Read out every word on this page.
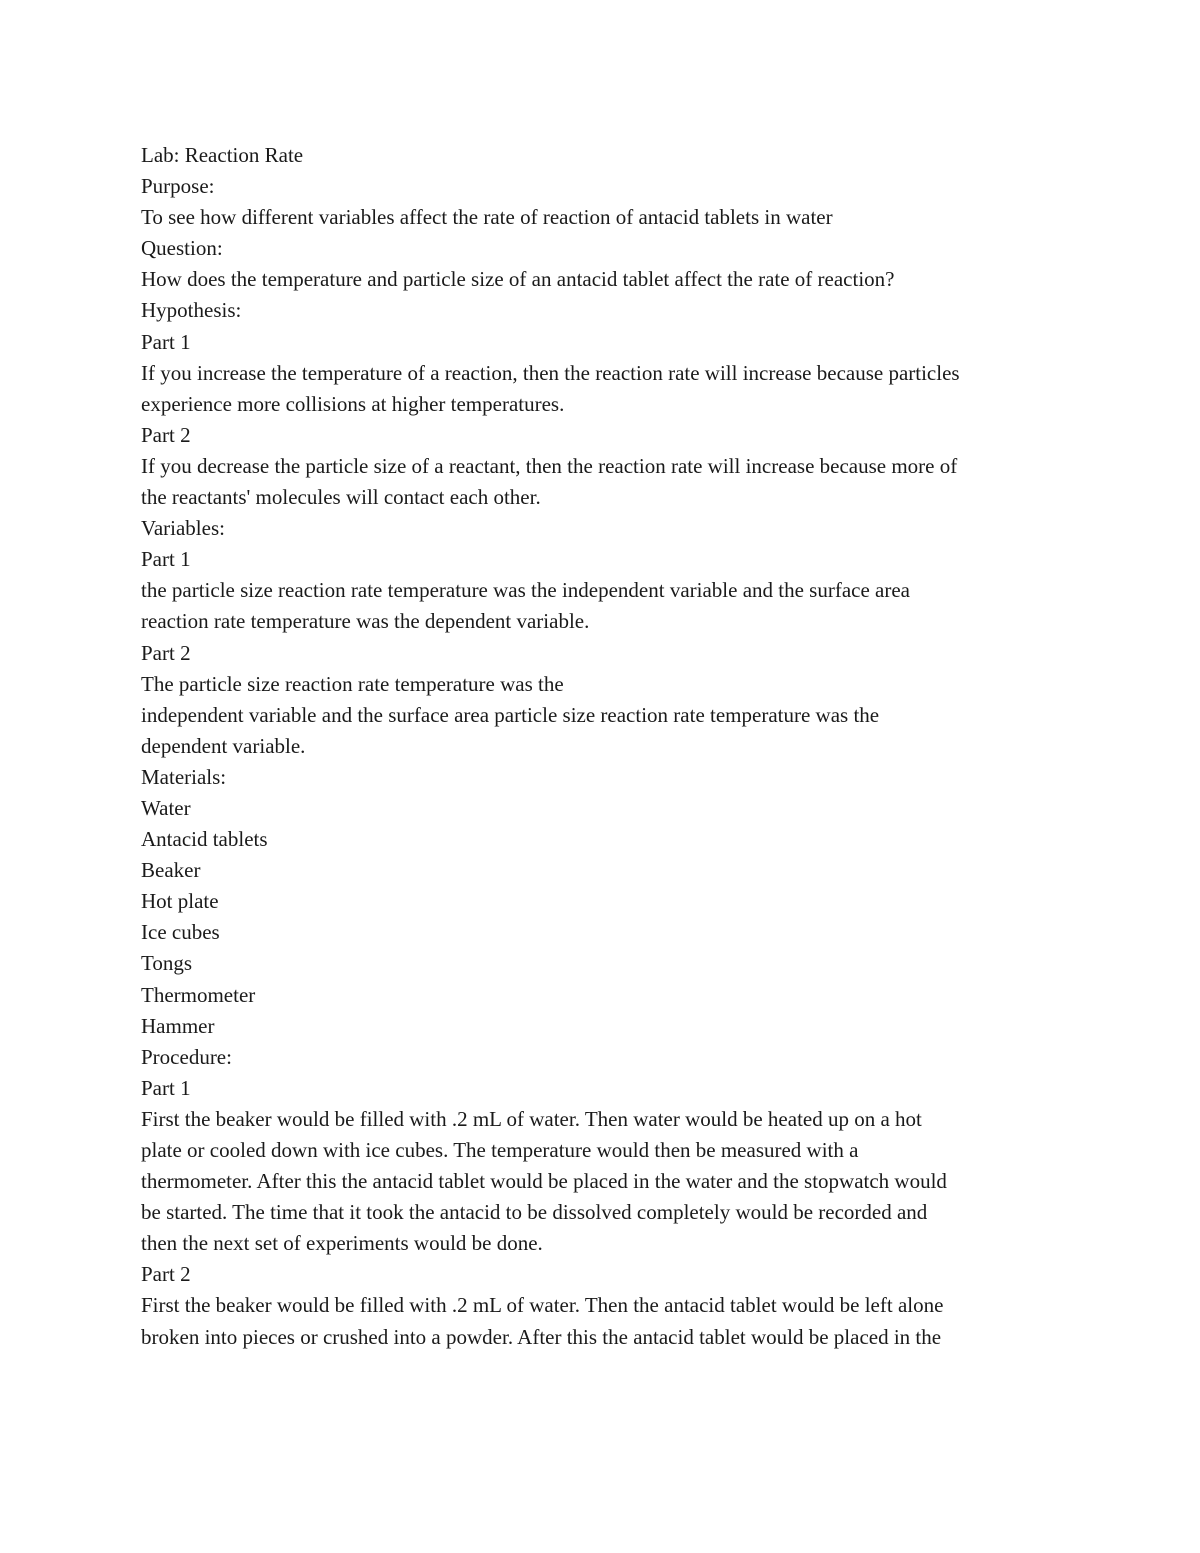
Lab: Reaction Rate

Purpose:

To see how different variables affect the rate of reaction of antacid tablets in water

Question:

How does the temperature and particle size of an antacid tablet affect the rate of reaction?

Hypothesis:

Part 1

If you increase the temperature of a reaction, then the reaction rate will increase because particles

experience more collisions at higher temperatures.

Part 2

If you decrease the particle size of a reactant, then the reaction rate will increase because more of

the reactants' molecules will contact each other.

Variables:

Part 1

the particle size reaction rate temperature was the independent variable and the surface area

reaction rate temperature was the dependent variable.

Part 2

The particle size reaction rate temperature was the

independent variable and the surface area particle size reaction rate temperature was the

dependent variable.

Materials:

Water

Antacid tablets

Beaker

Hot plate

Ice cubes

Tongs

Thermometer

Hammer

Procedure:

Part 1

First the beaker would be filled with .2 mL of water. Then water would be heated up on a hot

plate or cooled down with ice cubes. The temperature would then be measured with a

thermometer. After this the antacid tablet would be placed in the water and the stopwatch would

be started. The time that it took the antacid to be dissolved completely would be recorded and

then the next set of experiments would be done.

Part 2

First the beaker would be filled with .2 mL of water. Then the antacid tablet would be left alone

broken into pieces or crushed into a powder. After this the antacid tablet would be placed in the
